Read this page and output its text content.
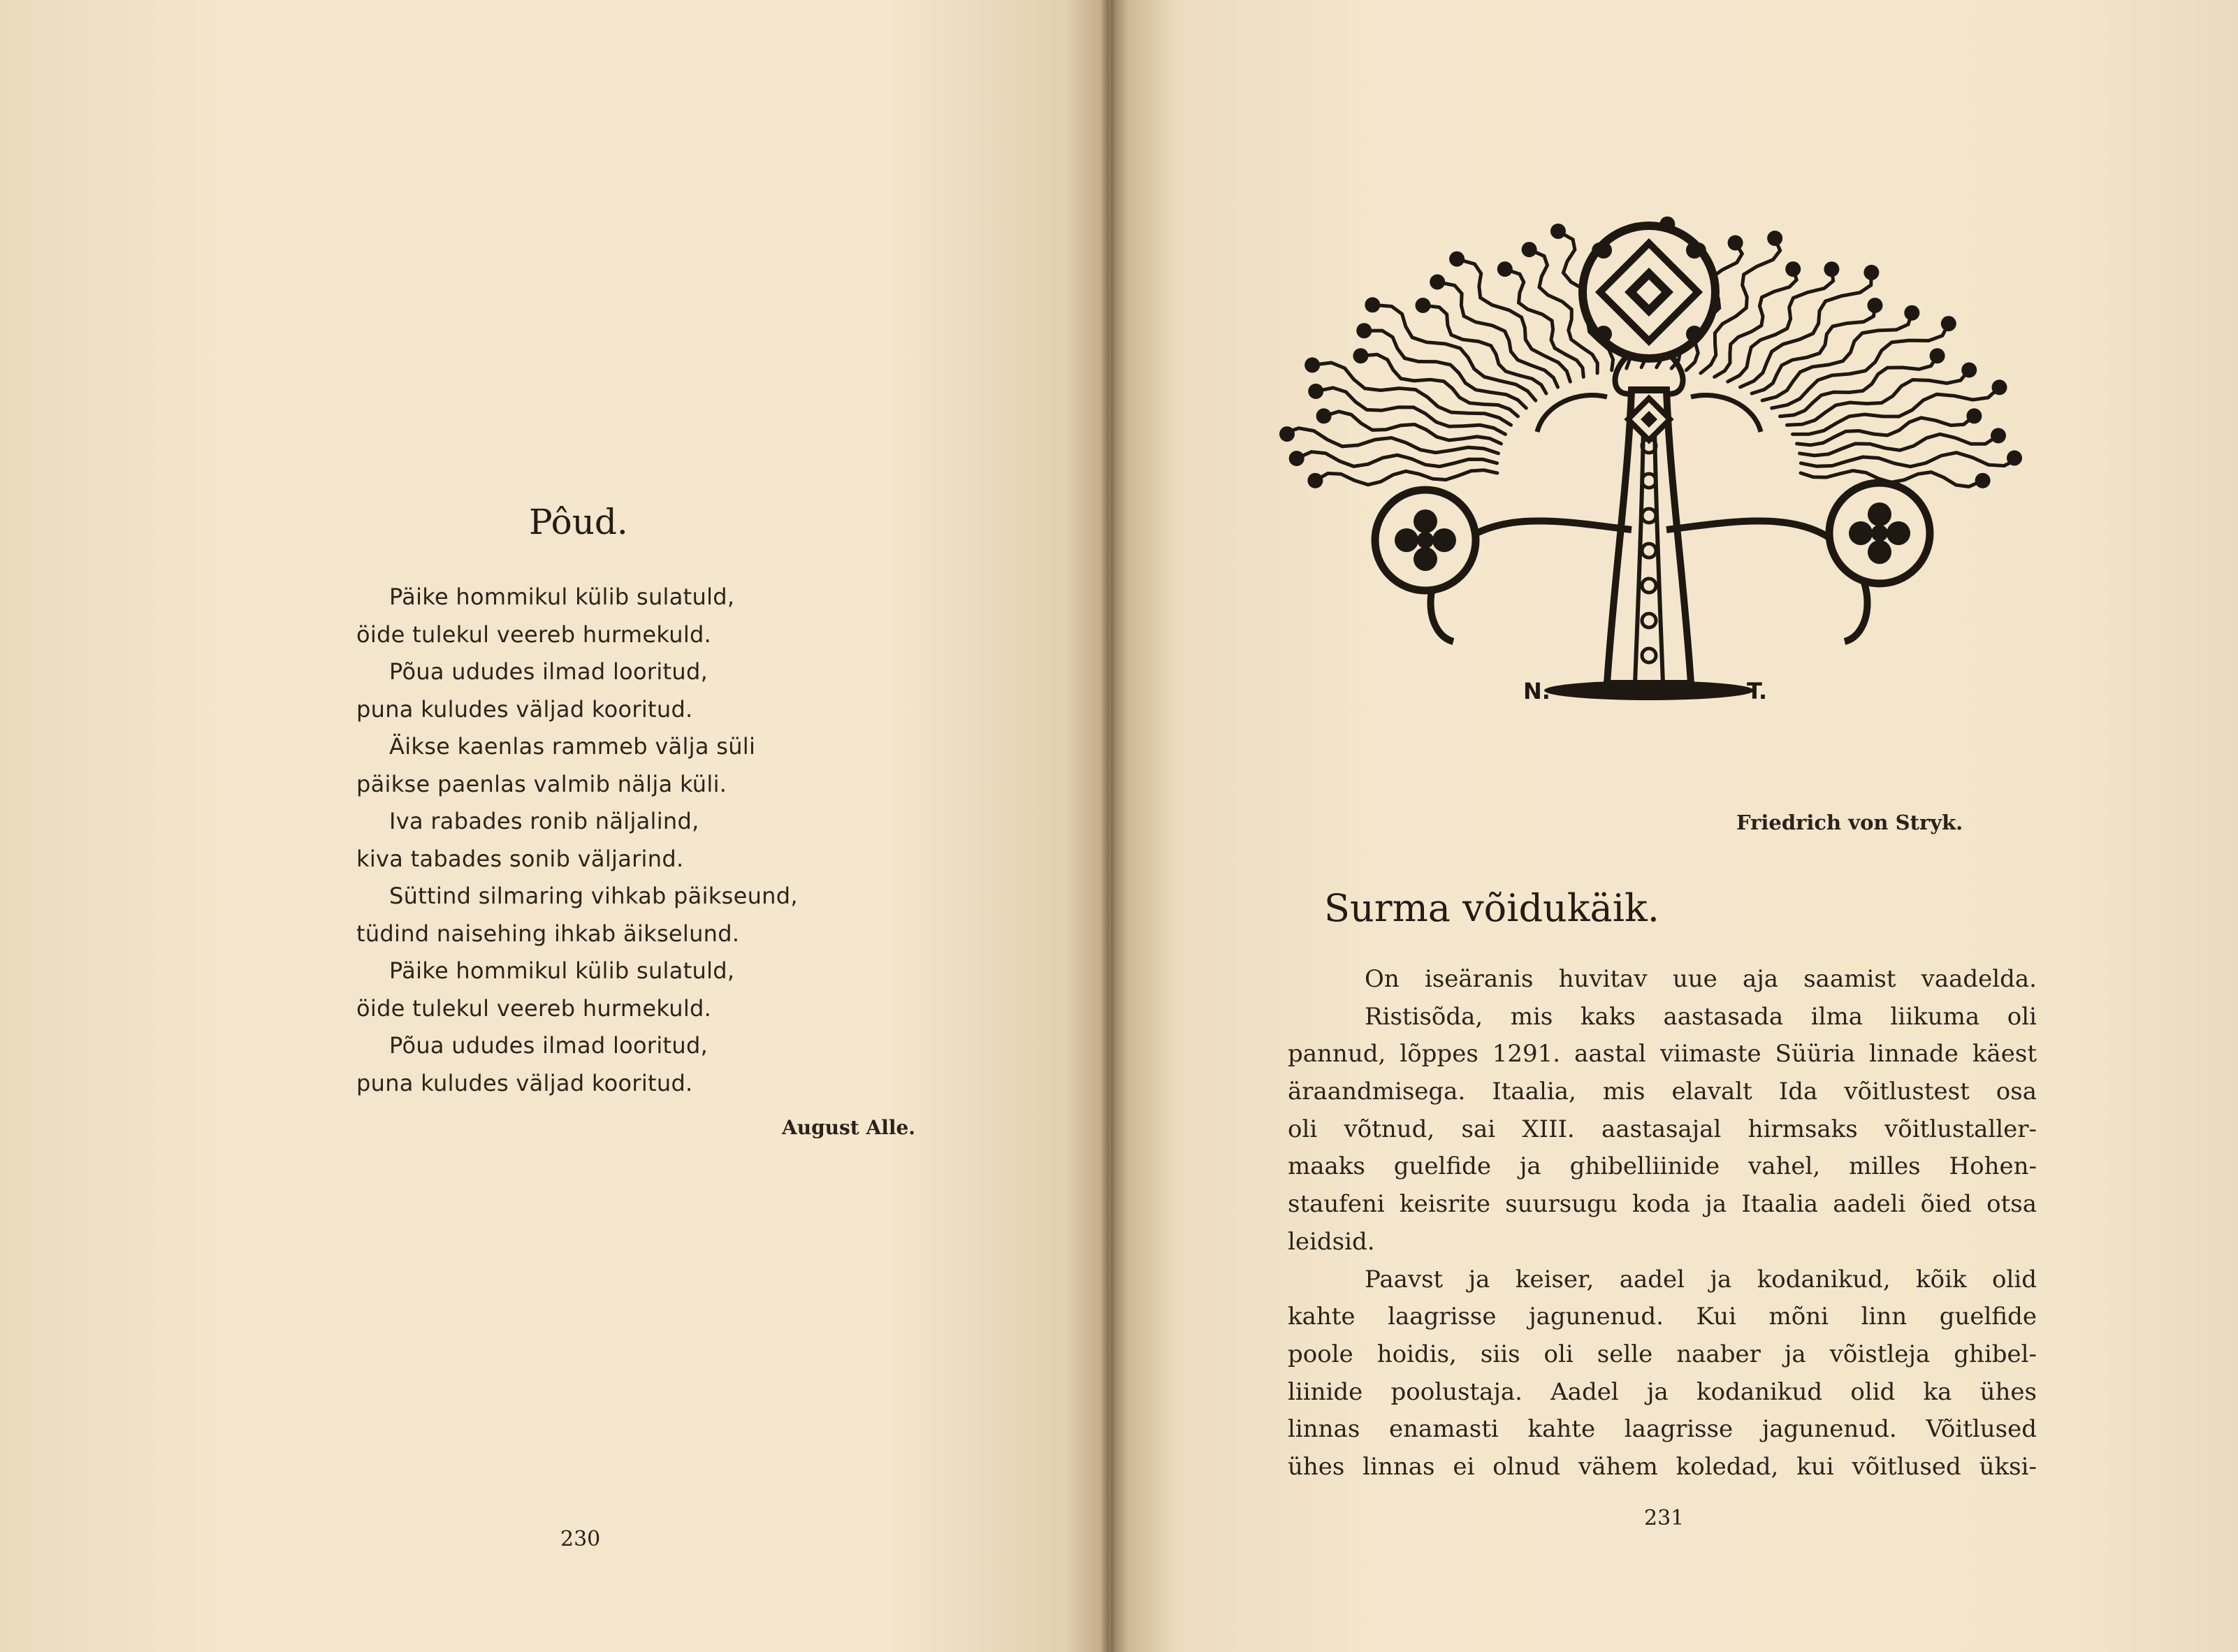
Pôud.
Päike hommikul külib sulatuld,
öide tulekul veereb hurmekuld.
Põua ududes ilmad looritud,
puna kuludes väljad kooritud.
Äikse kaenlas rammeb välja süli
päikse paenlas valmib nälja küli.
Iva rabades ronib näljalind,
kiva tabades sonib väljarind.
Süttind silmaring vihkab päikseund,
tüdind naisehing ihkab äikselund.
Päike hommikul külib sulatuld,
öide tulekul veereb hurmekuld.
Põua ududes ilmad looritud,
puna kuludes väljad kooritud.
August Alle.
230
N.	T.
Friedrich von Stryk.
Surma võidukäik.
On iseäranis huvitav uue aja saamist vaadelda.
Ristisõda, mis kaks aastasada ilma liikuma oli
pannud, lõppes 1291. aastal viimaste Süüria linnade käest
äraandmisega. Itaalia, mis elavalt Ida võitlustest osa
oli võtnud, sai XIII. aastasajal hirmsaks võitlustaller-
maaks guelfide ja ghibelliinide vahel, milles Hohen-
staufeni keisrite suursugu koda ja Itaalia aadeli õied otsa
leidsid.
Paavst ja keiser, aadel ja kodanikud, kõik olid
kahte laagrisse jagunenud. Kui mõni linn guelfide
poole hoidis, siis oli selle naaber ja võistleja ghibel-
liinide poolustaja. Aadel ja kodanikud olid ka ühes
linnas enamasti kahte laagrisse jagunenud. Võitlused
ühes linnas ei olnud vähem koledad, kui võitlused üksi-
231
